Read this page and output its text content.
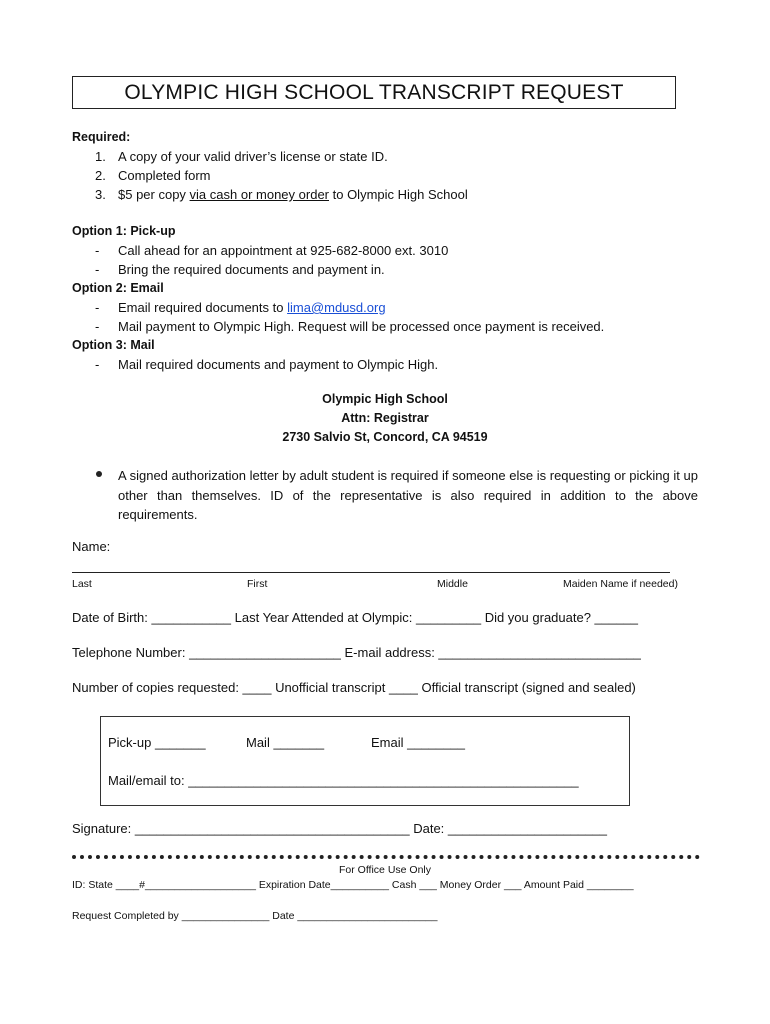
OLYMPIC HIGH SCHOOL TRANSCRIPT REQUEST
Required:
1. A copy of your valid driver’s license or state ID.
2. Completed form
3. $5 per copy via cash or money order to Olympic High School
Option 1: Pick-up
- Call ahead for an appointment at 925-682-8000 ext. 3010
- Bring the required documents and payment in.
Option 2: Email
- Email required documents to lima@mdusd.org
- Mail payment to Olympic High. Request will be processed once payment is received.
Option 3: Mail
- Mail required documents and payment to Olympic High.
Olympic High School
Attn: Registrar
2730 Salvio St, Concord, CA 94519
A signed authorization letter by adult student is required if someone else is requesting or picking it up other than themselves. ID of the representative is also required in addition to the above requirements.
Name:
Last	First	Middle	Maiden Name if needed)
Date of Birth: ___________ Last Year Attended at Olympic: _________ Did you graduate? ______
Telephone Number: _____________________ E-mail address: ____________________________
Number of copies requested: ____ Unofficial transcript ____ Official transcript (signed and sealed)
Pick-up _______	Mail _______	Email ________
Mail/email to: ______________________________________________________
Signature: ______________________________________ Date: ______________________
For Office Use Only
ID: State ____#___________________ Expiration Date__________ Cash ___ Money Order ___ Amount Paid ________
Request Completed by _______________ Date ________________________
